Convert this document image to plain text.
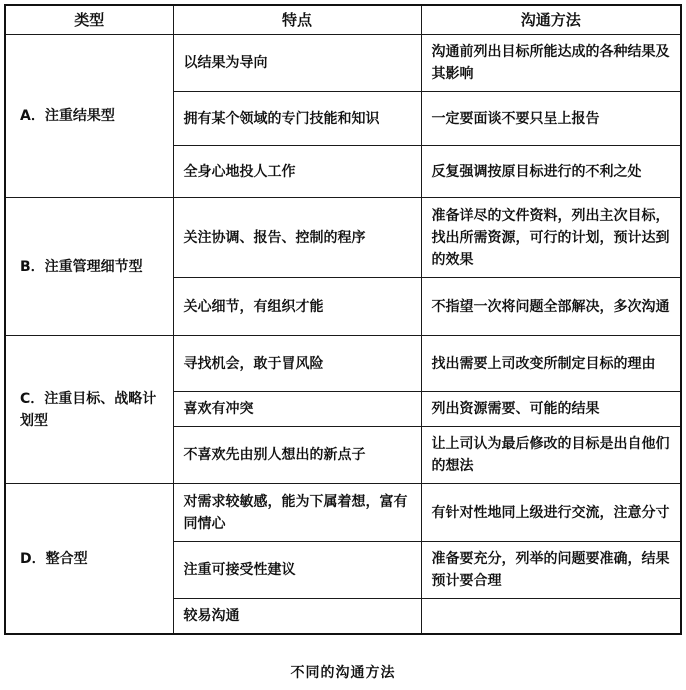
类型	特点	沟通方法
A．注重结果型	以结果为导向	沟通前列出目标所能达成的各种结果及其影响
	拥有某个领域的专门技能和知识	一定要面谈不要只呈上报告
	全身心地投人工作	反复强调按原目标进行的不利之处
B．注重管理细节型	关注协调、报告、控制的程序	准备详尽的文件资料，列出主次目标，找出所需资源，可行的计划，预计达到的效果
	关心细节，有组织才能	不指望一次将问题全部解决，多次沟通
C．注重目标、战略计划型	寻找机会，敢于冒风险	找出需要上司改变所制定目标的理由
	喜欢有冲突	列出资源需要、可能的结果
	不喜欢先由别人想出的新点子	让上司认为最后修改的目标是出自他们的想法
D．整合型	对需求较敏感，能为下属着想，富有同情心	有针对性地同上级进行交流，注意分寸
	注重可接受性建议	准备要充分，列举的问题要准确，结果预计要合理
	较易沟通	
不同的沟通方法
